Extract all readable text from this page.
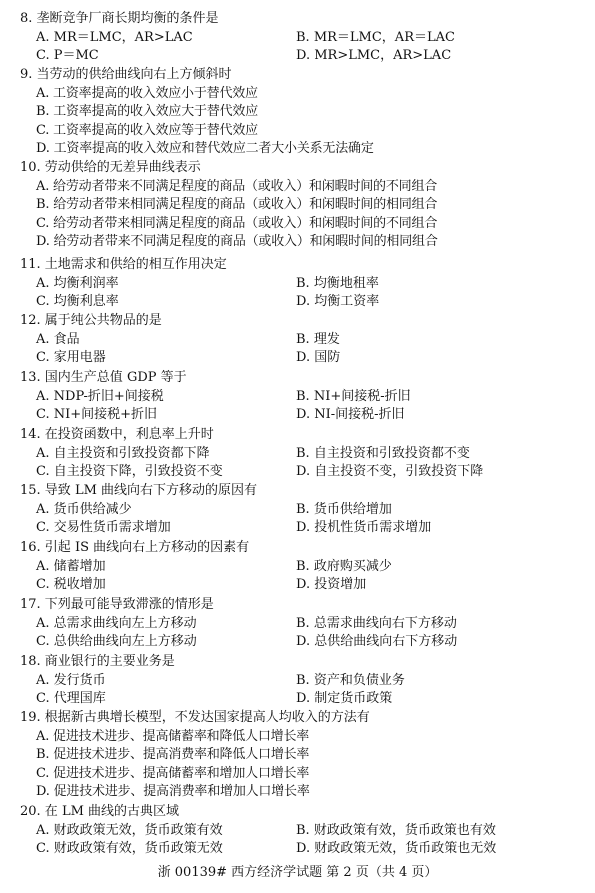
8. 垄断竞争厂商长期均衡的条件是
A. MR＝LMC，AR>LAC	B. MR＝LMC，AR＝LAC
C. P＝MC	D. MR>LMC，AR>LAC
9. 当劳动的供给曲线向右上方倾斜时
A. 工资率提高的收入效应小于替代效应
B. 工资率提高的收入效应大于替代效应
C. 工资率提高的收入效应等于替代效应
D. 工资率提高的收入效应和替代效应二者大小关系无法确定
10. 劳动供给的无差异曲线表示
A. 给劳动者带来不同满足程度的商品（或收入）和闲暇时间的不同组合
B. 给劳动者带来相同满足程度的商品（或收入）和闲暇时间的相同组合
C. 给劳动者带来相同满足程度的商品（或收入）和闲暇时间的不同组合
D. 给劳动者带来不同满足程度的商品（或收入）和闲暇时间的相同组合
11. 土地需求和供给的相互作用决定
A. 均衡利润率	B. 均衡地租率
C. 均衡利息率	D. 均衡工资率
12. 属于纯公共物品的是
A. 食品	B. 理发
C. 家用电器	D. 国防
13. 国内生产总值 GDP 等于
A. NDP-折旧+间接税	B. NI+间接税-折旧
C. NI+间接税+折旧	D. NI-间接税-折旧
14. 在投资函数中，利息率上升时
A. 自主投资和引致投资都下降	B. 自主投资和引致投资都不变
C. 自主投资下降，引致投资不变	D. 自主投资不变，引致投资下降
15. 导致 LM 曲线向右下方移动的原因有
A. 货币供给减少	B. 货币供给增加
C. 交易性货币需求增加	D. 投机性货币需求增加
16. 引起 IS 曲线向右上方移动的因素有
A. 储蓄增加	B. 政府购买减少
C. 税收增加	D. 投资增加
17. 下列最可能导致滞涨的情形是
A. 总需求曲线向左上方移动	B. 总需求曲线向右下方移动
C. 总供给曲线向左上方移动	D. 总供给曲线向右下方移动
18. 商业银行的主要业务是
A. 发行货币	B. 资产和负债业务
C. 代理国库	D. 制定货币政策
19. 根据新古典增长模型，不发达国家提高人均收入的方法有
A. 促进技术进步、提高储蓄率和降低人口增长率
B. 促进技术进步、提高消费率和降低人口增长率
C. 促进技术进步、提高储蓄率和增加人口增长率
D. 促进技术进步、提高消费率和增加人口增长率
20. 在 LM 曲线的古典区域
A. 财政政策无效，货币政策有效	B. 财政政策有效，货币政策也有效
C. 财政政策有效，货币政策无效	D. 财政政策无效，货币政策也无效
浙 00139# 西方经济学试题 第 2 页（共 4 页）
